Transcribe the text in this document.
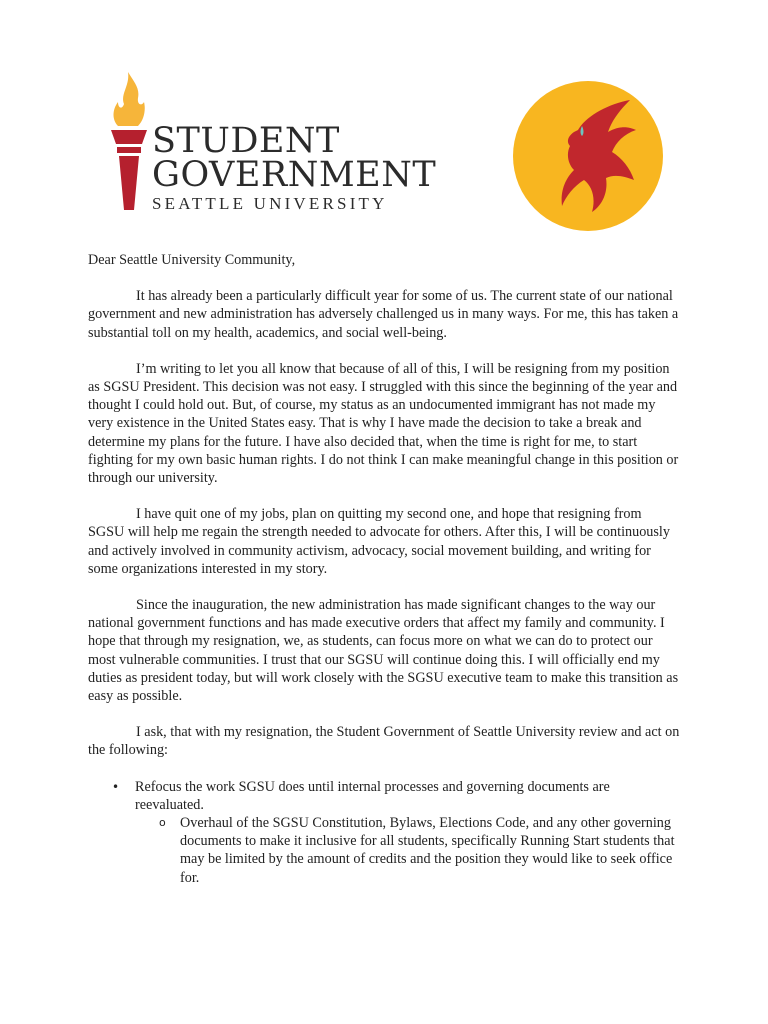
STUDENT
GOVERNMENT
SEATTLE UNIVERSITY

Dear Seattle University Community,

It has already been a particularly difficult year for some of us. The current state of our national government and new administration has adversely challenged us in many ways. For me, this has taken a substantial toll on my health, academics, and social well-being.

I’m writing to let you all know that because of all of this, I will be resigning from my position as SGSU President. This decision was not easy. I struggled with this since the beginning of the year and thought I could hold out. But, of course, my status as an undocumented immigrant has not made my very existence in the United States easy. That is why I have made the decision to take a break and determine my plans for the future. I have also decided that, when the time is right for me, to start fighting for my own basic human rights. I do not think I can make meaningful change in this position or through our university.

I have quit one of my jobs, plan on quitting my second one, and hope that resigning from SGSU will help me regain the strength needed to advocate for others. After this, I will be continuously and actively involved in community activism, advocacy, social movement building, and writing for some organizations interested in my story.

Since the inauguration, the new administration has made significant changes to the way our national government functions and has made executive orders that affect my family and community. I hope that through my resignation, we, as students, can focus more on what we can do to protect our most vulnerable communities. I trust that our SGSU will continue doing this. I will officially end my duties as president today, but will work closely with the SGSU executive team to make this transition as easy as possible.

I ask, that with my resignation, the Student Government of Seattle University review and act on the following:

• Refocus the work SGSU does until internal processes and governing documents are reevaluated.
o Overhaul of the SGSU Constitution, Bylaws, Elections Code, and any other governing documents to make it inclusive for all students, specifically Running Start students that may be limited by the amount of credits and the position they would like to seek office for.
